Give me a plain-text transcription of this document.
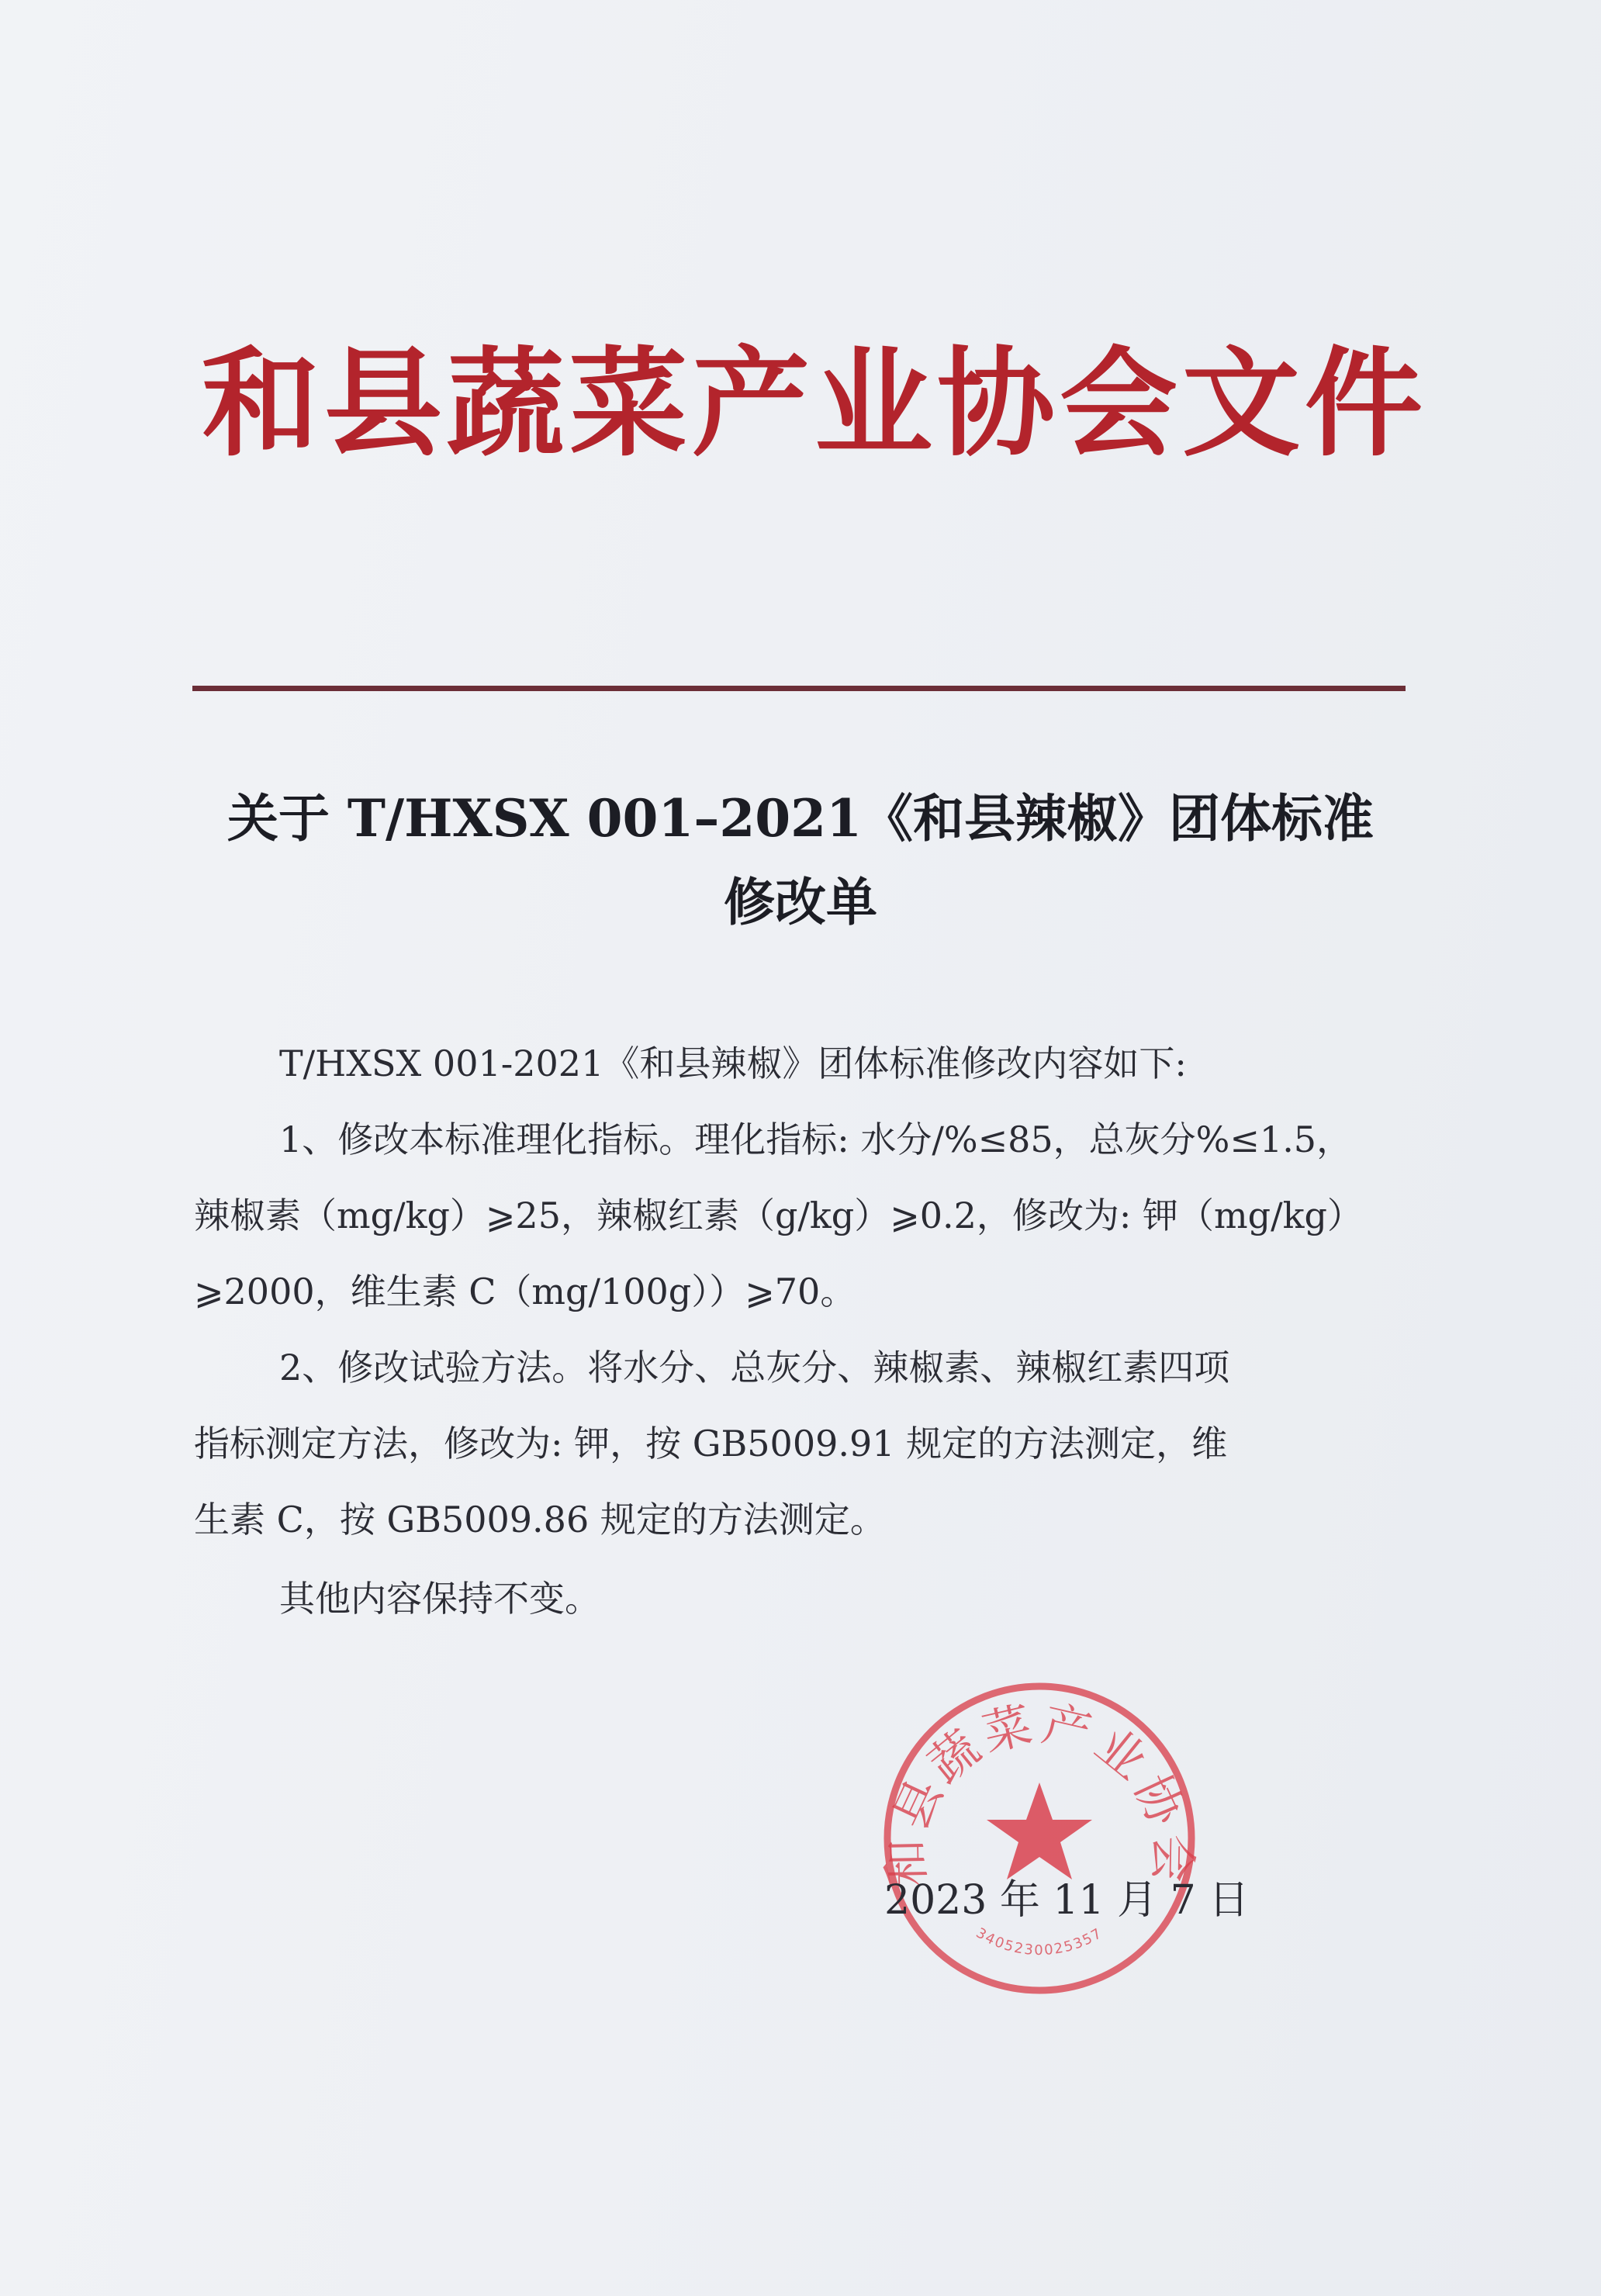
和县蔬菜产业协会文件
关于 T/HXSX 001–2021《和县辣椒》团体标准
修改单
T/HXSX 001-2021《和县辣椒》团体标准修改内容如下:
1、修改本标准理化指标。理化指标: 水分/%≤85，总灰分%≤1.5，
辣椒素（mg/kg）⩾25，辣椒红素（g/kg）⩾0.2，修改为: 钾（mg/kg）
⩾2000，维生素 C（mg/100g））⩾70。
2、修改试验方法。将水分、总灰分、辣椒素、辣椒红素四项
指标测定方法，修改为: 钾，按 GB5009.91 规定的方法测定，维
生素 C，按 GB5009.86 规定的方法测定。
其他内容保持不变。
和县蔬菜产业协会
3405230025357
2023 年 11 月 7 日
